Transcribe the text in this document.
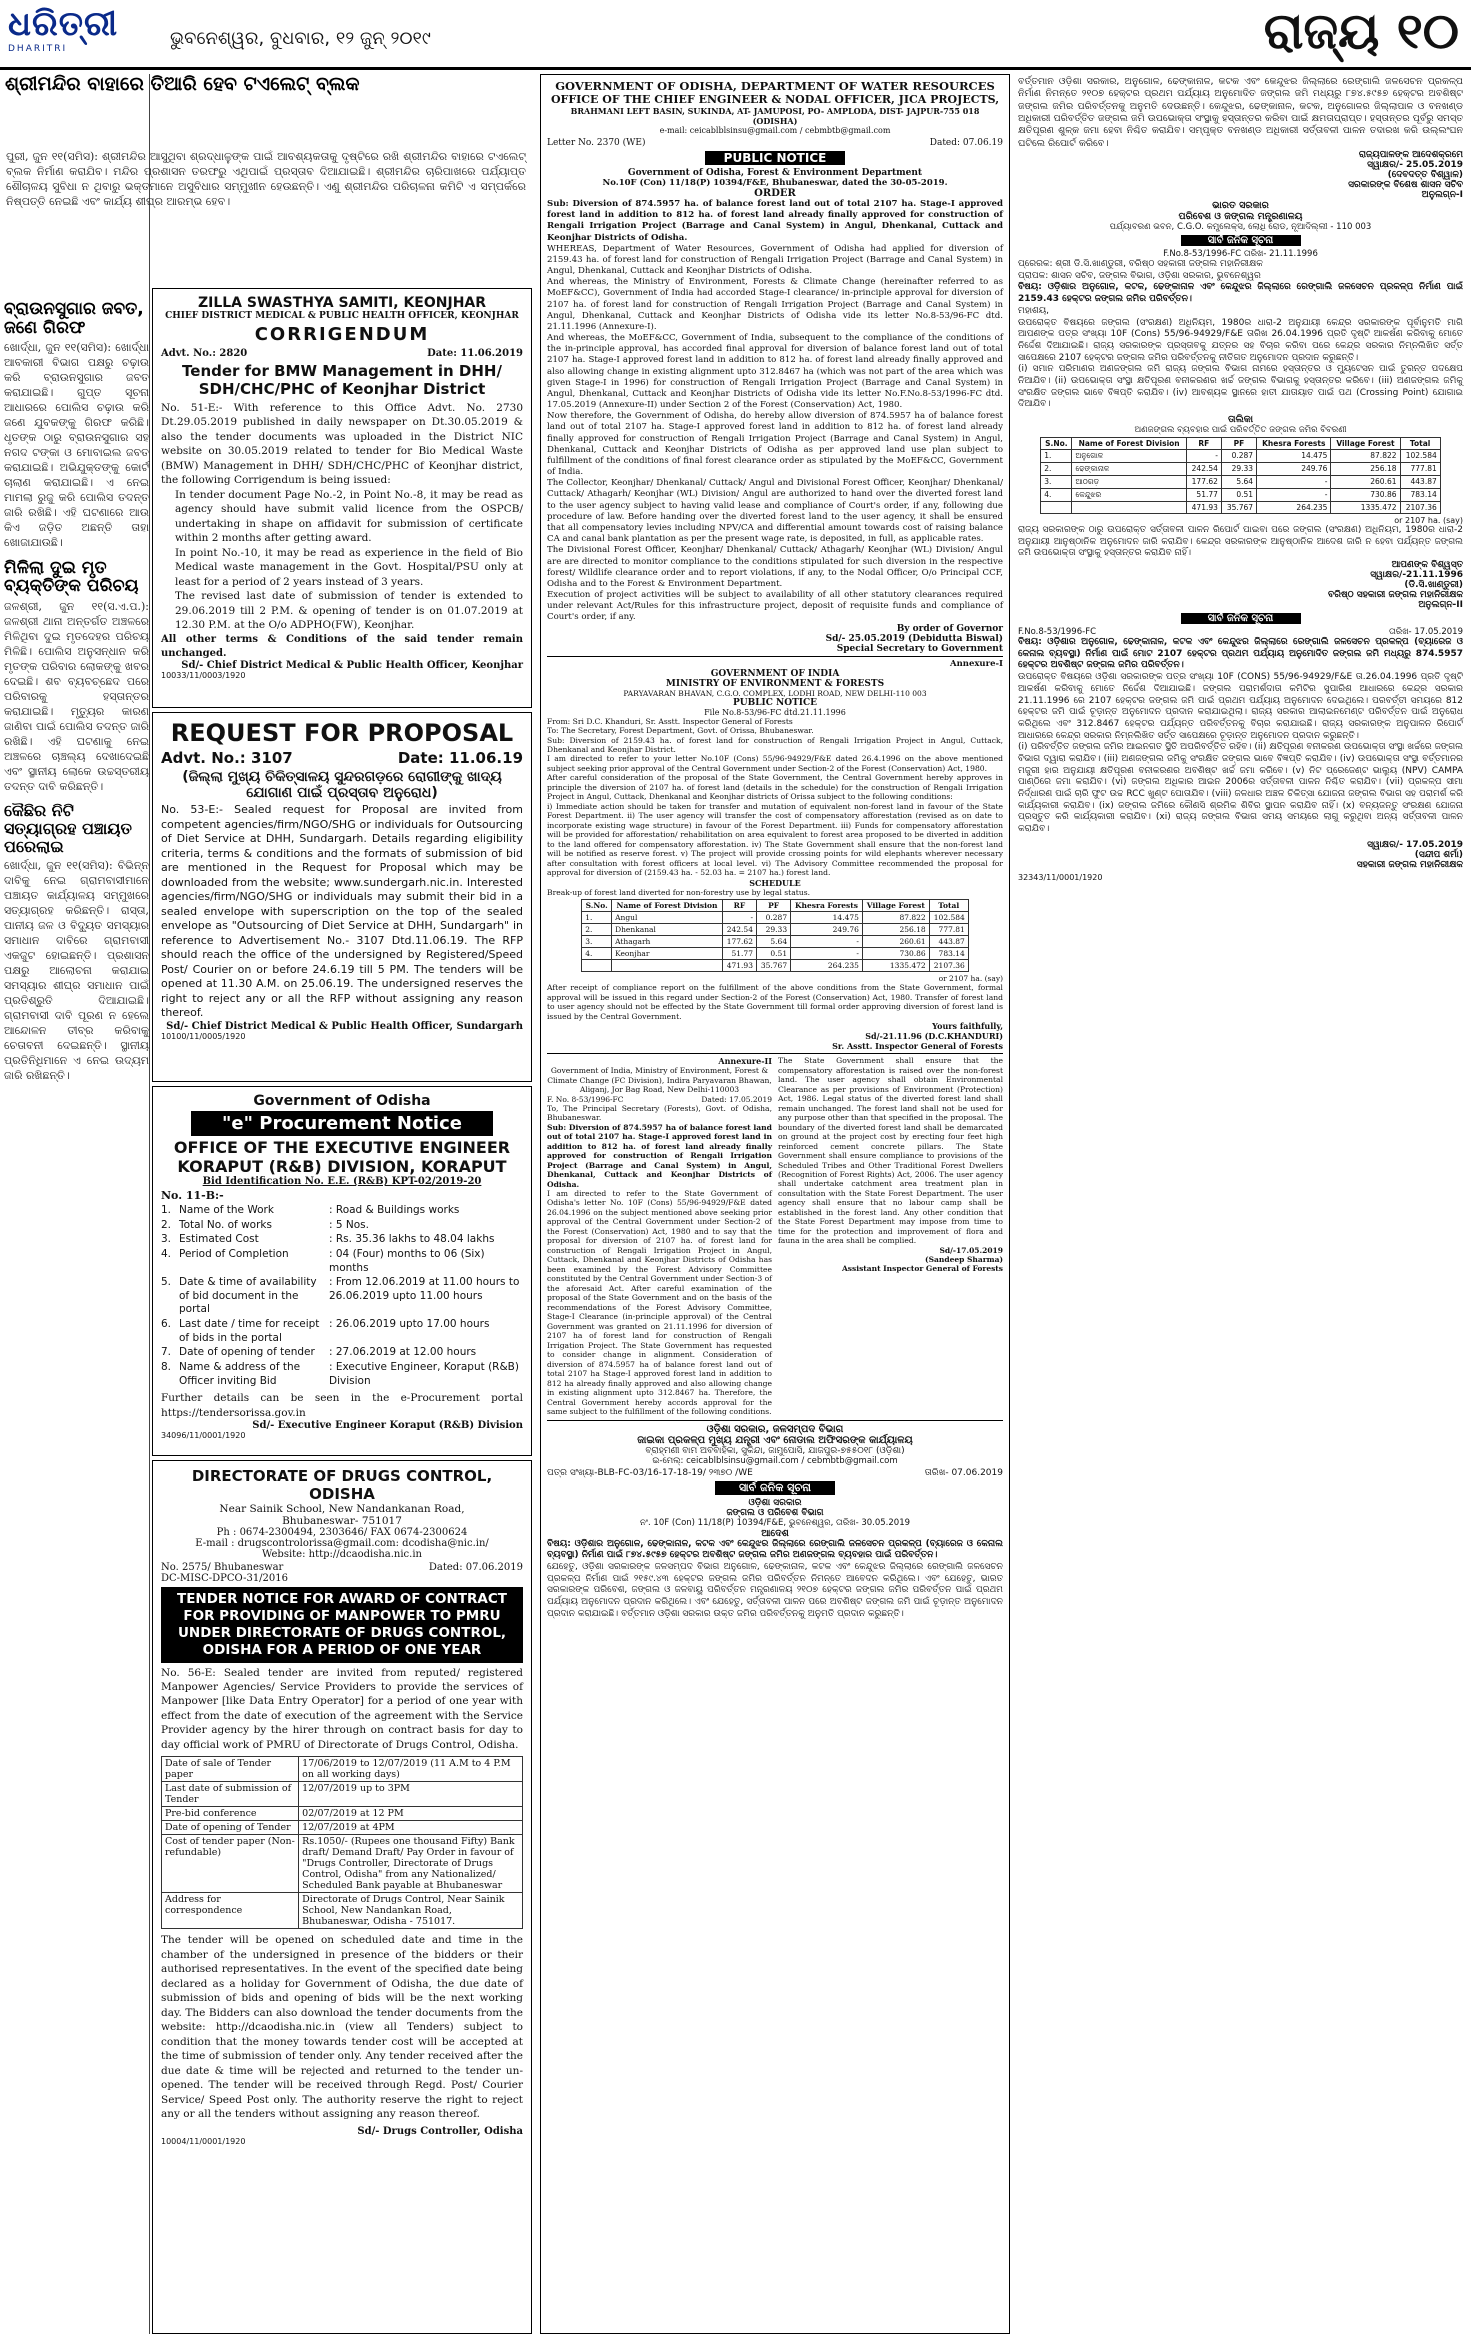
ଧରିତ୍ରୀ
DHARITRI	ଭୁବନେଶ୍ୱର, ବୁଧବାର, ୧୨ ଜୁନ୍ ୨୦୧୯	ରାଜ୍ୟ ୧୦
ଶ୍ରୀମନ୍ଦିର ବାହାରେ ତିଆରି ହେବ ଟଏଲେଟ୍ ବ୍ଲକ
ପୁରୀ, ଜୁନ ୧୧(ସମିସ): ଶ୍ରୀମନ୍ଦିର ଆସୁଥିବା ଶ୍ରଦ୍ଧାଳୁଙ୍କ ପାଇଁ ଆବଶ୍ୟକତାକୁ ଦୃଷ୍ଟିରେ ରଖି ଶ୍ରୀମନ୍ଦିର ବାହାରେ ଟଏଲେଟ୍ ବ୍ଲକ ନିର୍ମାଣ କରାଯିବ। ମନ୍ଦିର ପ୍ରଶାସନ ତରଫରୁ ଏଥିପାଇଁ ପ୍ରସ୍ତାବ ଦିଆଯାଇଛି। ଶ୍ରୀମନ୍ଦିର ଚାରିପାଖରେ ପର୍ଯ୍ୟାପ୍ତ ଶୌଚାଳୟ ସୁବିଧା ନ ଥିବାରୁ ଭକ୍ତମାନେ ଅସୁବିଧାର ସମ୍ମୁଖୀନ ହେଉଛନ୍ତି। ଏଣୁ ଶ୍ରୀମନ୍ଦିର ପରିଚାଳନା କମିଟି ଏ ସମ୍ପର୍କରେ ନିଷ୍ପତ୍ତି ନେଇଛି ଏବଂ କାର୍ଯ୍ୟ ଶୀଘ୍ର ଆରମ୍ଭ ହେବ।
ବ୍ରାଉନସୁଗାର ଜବତ, ଜଣେ ଗିରଫ
ଖୋର୍ଦ୍ଧା, ଜୁନ ୧୧(ସମିସ): ଖୋର୍ଦ୍ଧା ଆବକାରୀ ବିଭାଗ ପକ୍ଷରୁ ଚଢ଼ାଉ କରି ବ୍ରାଉନସୁଗାର ଜବତ କରାଯାଇଛି। ଗୁପ୍ତ ସୂଚନା ଆଧାରରେ ପୋଲିସ ଚଢ଼ାଉ କରି ଜଣେ ଯୁବକଙ୍କୁ ଗିରଫ କରିଛି। ଧୃତଙ୍କ ଠାରୁ ବ୍ରାଉନସୁଗାର ସହ ନଗଦ ଟଙ୍କା ଓ ମୋବାଇଲ ଜବତ କରାଯାଇଛି। ଅଭିଯୁକ୍ତଙ୍କୁ କୋର୍ଟ ଚାଲାଣ କରାଯାଇଛି। ଏ ନେଇ ମାମଲା ରୁଜୁ କରି ପୋଲିସ ତଦନ୍ତ ଜାରି ରଖିଛି। ଏହି ଘଟଣାରେ ଆଉ କିଏ ଜଡ଼ିତ ଅଛନ୍ତି ତାହା ଖୋଜାଯାଉଛି।
ମିଳିଲା ଦୁଇ ମୃତ ବ୍ୟକ୍ତିଙ୍କ ପରିଚୟ
ଜଳଶ୍ରୀ, ଜୁନ ୧୧(ସ.ଏ.ପ.): ଜଳଶ୍ରୀ ଥାନା ଅନ୍ତର୍ଗତ ଅଞ୍ଚଳରେ ମିଳିଥିବା ଦୁଇ ମୃତଦେହର ପରିଚୟ ମିଳିଛି। ପୋଲିସ ଅନୁସନ୍ଧାନ କରି ମୃତଙ୍କ ପରିବାର ଲୋକଙ୍କୁ ଖବର ଦେଇଛି। ଶବ ବ୍ୟବଚ୍ଛେଦ ପରେ ପରିବାରକୁ ହସ୍ତାନ୍ତର କରାଯାଇଛି। ମୃତ୍ୟୁର କାରଣ ଜାଣିବା ପାଇଁ ପୋଲିସ ତଦନ୍ତ ଜାରି ରଖିଛି। ଏହି ଘଟଣାକୁ ନେଇ ଅଞ୍ଚଳରେ ଚାଞ୍ଚଲ୍ୟ ଦେଖାଦେଇଛି ଏବଂ ସ୍ଥାନୀୟ ଲୋକେ ଉଚ୍ଚସ୍ତରୀୟ ତଦନ୍ତ ଦାବି କରିଛନ୍ତି।
କୈଛିର ନିଟି ସତ୍ୟାଗ୍ରହ ପଞ୍ଚାୟତ ପରେଲାଇ
ଖୋର୍ଦ୍ଧା, ଜୁନ ୧୧(ସମିସ): ବିଭିନ୍ନ ଦାବିକୁ ନେଇ ଗ୍ରାମବାସୀମାନେ ପଞ୍ଚାୟତ କାର୍ଯ୍ୟାଳୟ ସମ୍ମୁଖରେ ସତ୍ୟାଗ୍ରହ କରିଛନ୍ତି। ରାସ୍ତା, ପାନୀୟ ଜଳ ଓ ବିଦ୍ୟୁତ ସମସ୍ୟାର ସମାଧାନ ଦାବିରେ ଗ୍ରାମବାସୀ ଏକଜୁଟ ହୋଇଛନ୍ତି। ପ୍ରଶାସନ ପକ୍ଷରୁ ଆଲୋଚନା କରାଯାଇ ସମସ୍ୟାର ଶୀଘ୍ର ସମାଧାନ ପାଇଁ ପ୍ରତିଶ୍ରୁତି ଦିଆଯାଇଛି। ଗ୍ରାମବାସୀ ଦାବି ପୂରଣ ନ ହେଲେ ଆନ୍ଦୋଳନ ତୀବ୍ର କରିବାକୁ ଚେତାବନୀ ଦେଇଛନ୍ତି। ସ୍ଥାନୀୟ ପ୍ରତିନିଧିମାନେ ଏ ନେଇ ଉଦ୍ୟମ ଜାରି ରଖିଛନ୍ତି।
ZILLA SWASTHYA SAMITI, KEONJHAR
CHIEF DISTRICT MEDICAL & PUBLIC HEALTH OFFICER, KEONJHAR
CORRIGENDUM
Advt. No.: 2820	Date: 11.06.2019
Tender for BMW Management in DHH/ SDH/CHC/PHC of Keonjhar District
No. 51-E:- With reference to this Office Advt. No. 2730 Dt.29.05.2019 published in daily newspaper on Dt.30.05.2019 & also the tender documents was uploaded in the District NIC website on 30.05.2019 related to tender for Bio Medical Waste (BMW) Management in DHH/ SDH/CHC/PHC of Keonjhar district, the following Corrigendum is being issued:
In tender document Page No.-2, in Point No.-8, it may be read as agency should have submit valid licence from the OSPCB/ undertaking in shape on affidavit for submission of certificate within 2 months after getting award.
In point No.-10, it may be read as experience in the field of Bio Medical waste management in the Govt. Hospital/PSU only at least for a period of 2 years instead of 3 years.
The revised last date of submission of tender is extended to 29.06.2019 till 2 P.M. & opening of tender is on 01.07.2019 at 12.30 P.M. at the O/o ADPHO(FW), Keonjhar.
All other terms & Conditions of the said tender remain unchanged.
Sd/- Chief District Medical & Public Health Officer, Keonjhar
10033/11/0003/1920
REQUEST FOR PROPOSAL
Advt. No.: 3107	Date: 11.06.19
(ଜିଲ୍ଲା ମୁଖ୍ୟ ଚିକିତ୍ସାଳୟ ସୁନ୍ଦରଗଡ଼ରେ ରୋଗୀଙ୍କୁ ଖାଦ୍ୟ ଯୋଗାଣ ପାଇଁ ପ୍ରସ୍ତାବ ଅନୁରୋଧ)
No. 53-E:- Sealed request for Proposal are invited from competent agencies/firm/NGO/SHG or individuals for Outsourcing of Diet Service at DHH, Sundargarh. Details regarding eligibility criteria, terms & conditions and the formats of submission of bid are mentioned in the Request for Proposal which may be downloaded from the website; www.sundergarh.nic.in. Interested agencies/firm/NGO/SHG or individuals may submit their bid in a sealed envelope with superscription on the top of the sealed envelope as "Outsourcing of Diet Service at DHH, Sundargarh" in reference to Advertisement No.- 3107 Dtd.11.06.19. The RFP should reach the office of the undersigned by Registered/Speed Post/ Courier on or before 24.6.19 till 5 PM. The tenders will be opened at 11.30 A.M. on 25.06.19. The undersigned reserves the right to reject any or all the RFP without assigning any reason thereof.
Sd/- Chief District Medical & Public Health Officer, Sundargarh
10100/11/0005/1920
Government of Odisha
"e" Procurement Notice
OFFICE OF THE EXECUTIVE ENGINEER KORAPUT (R&B) DIVISION, KORAPUT
Bid Identification No. E.E. (R&B) KPT-02/2019-20
No. 11-B:-
1. Name of the Work	: Road & Buildings works
2. Total No. of works	: 5 Nos.
3. Estimated Cost	: Rs. 35.36 lakhs to 48.04 lakhs
4. Period of Completion	: 04 (Four) months to 06 (Six) months
5. Date & time of availability of bid document in the portal
: From 12.06.2019 at 11.00 hours to 26.06.2019 upto 11.00 hours
6. Last date / time for receipt of bids in the portal
: 26.06.2019 upto 17.00 hours
7. Date of opening of tender	: 27.06.2019 at 12.00 hours
8. Name & address of the Officer inviting Bid
: Executive Engineer, Koraput (R&B) Division
Further details can be seen in the e-Procurement portal https://tendersorissa.gov.in
Sd/- Executive Engineer Koraput (R&B) Division
34096/11/0001/1920
DIRECTORATE OF DRUGS CONTROL, ODISHA
Near Sainik School, New Nandankanan Road,
Bhubaneswar- 751017
Ph : 0674-2300494, 2303646/ FAX 0674-2300624
E-mail : drugscontrolorissa@gmail.com: dcodisha@nic.in/
Website: http://dcaodisha.nic.in
No. 2575/ Bhubaneswar	Dated: 07.06.2019
DC-MISC-DPCO-31/2016
TENDER NOTICE FOR AWARD OF CONTRACT FOR PROVIDING OF MANPOWER TO PMRU UNDER DIRECTORATE OF DRUGS CONTROL, ODISHA FOR A PERIOD OF ONE YEAR
No. 56-E: Sealed tender are invited from reputed/ registered Manpower Agencies/ Service Providers to provide the services of Manpower [like Data Entry Operator] for a period of one year with effect from the date of execution of the agreement with the Service Provider agency by the hirer through on contract basis for day to day official work of PMRU of Directorate of Drugs Control, Odisha.
Date of sale of Tender paper	17/06/2019 to 12/07/2019 (11 A.M to 4 P.M on all working days)
Last date of submission of Tender	12/07/2019 up to 3PM
Pre-bid conference	02/07/2019 at 12 PM
Date of opening of Tender	12/07/2019 at 4PM
Cost of tender paper (Non-refundable)	Rs.1050/- (Rupees one thousand Fifty) Bank draft/ Demand Draft/ Pay Order in favour of "Drugs Controller, Directorate of Drugs Control, Odisha" from any Nationalized/ Scheduled Bank payable at Bhubaneswar
Address for correspondence	Directorate of Drugs Control, Near Sainik School, New Nandankan Road, Bhubaneswar, Odisha - 751017.
The tender will be opened on scheduled date and time in the chamber of the undersigned in presence of the bidders or their authorised representatives. In the event of the specified date being declared as a holiday for Government of Odisha, the due date of submission of bids and opening of bids will be the next working day. The Bidders can also download the tender documents from the website: http://dcaodisha.nic.in (view all Tenders) subject to condition that the money towards tender cost will be accepted at the time of submission of tender only. Any tender received after the due date & time will be rejected and returned to the tender un-opened. The tender will be received through Regd. Post/ Courier Service/ Speed Post only. The authority reserve the right to reject any or all the tenders without assigning any reason thereof.
Sd/- Drugs Controller, Odisha
10004/11/0001/1920
GOVERNMENT OF ODISHA, DEPARTMENT OF WATER RESOURCES
OFFICE OF THE CHIEF ENGINEER & NODAL OFFICER, JICA PROJECTS,
BRAHMANI LEFT BASIN, SUKINDA, AT- JAMUPOSI, PO- AMPLODA, DIST- JAJPUR-755 018 (ODISHA)
e-mail: ceicablblsinsu@gmail.com / cebmbtb@gmail.com
Letter No. 2370 (WE)	Dated: 07.06.19
PUBLIC NOTICE
Government of Odisha, Forest & Environment Department
No.10F (Con) 11/18(P) 10394/F&E, Bhubaneswar, dated the 30-05-2019.
ORDER
Sub: Diversion of 874.5957 ha. of balance forest land out of total 2107 ha. Stage-I approved forest land in addition to 812 ha. of forest land already finally approved for construction of Rengali Irrigation Project (Barrage and Canal System) in Angul, Dhenkanal, Cuttack and Keonjhar Districts of Odisha.
WHEREAS, Department of Water Resources, Government of Odisha had applied for diversion of 2159.43 ha. of forest land for construction of Rengali Irrigation Project (Barrage and Canal System) in Angul, Dhenkanal, Cuttack and Keonjhar Districts of Odisha.
And whereas, the Ministry of Environment, Forests & Climate Change (hereinafter referred to as MoEF&CC), Government of India had accorded Stage-I clearance/ in-principle approval for diversion of 2107 ha. of forest land for construction of Rengali Irrigation Project (Barrage and Canal System) in Angul, Dhenkanal, Cuttack and Keonjhar Districts of Odisha vide its letter No.8-53/96-FC dtd. 21.11.1996 (Annexure-I).
And whereas, the MoEF&CC, Government of India, subsequent to the compliance of the conditions of the in-principle approval, has accorded final approval for diversion of balance forest land out of total 2107 ha. Stage-I approved forest land in addition to 812 ha. of forest land already finally approved and also allowing change in existing alignment upto 312.8467 ha (which was not part of the area which was given Stage-I in 1996) for construction of Rengali Irrigation Project (Barrage and Canal System) in Angul, Dhenkanal, Cuttack and Keonjhar Districts of Odisha vide its letter No.F.No.8-53/1996-FC dtd. 17.05.2019 (Annexure-II) under Section 2 of the Forest (Conservation) Act, 1980.
Now therefore, the Government of Odisha, do hereby allow diversion of 874.5957 ha of balance forest land out of total 2107 ha. Stage-I approved forest land in addition to 812 ha. of forest land already finally approved for construction of Rengali Irrigation Project (Barrage and Canal System) in Angul, Dhenkanal, Cuttack and Keonjhar Districts of Odisha as per approved land use plan subject to fulfillment of the conditions of final forest clearance order as stipulated by the MoEF&CC, Government of India.
The Collector, Keonjhar/ Dhenkanal/ Cuttack/ Angul and Divisional Forest Officer, Keonjhar/ Dhenkanal/ Cuttack/ Athagarh/ Keonjhar (WL) Division/ Angul are authorized to hand over the diverted forest land to the user agency subject to having valid lease and compliance of Court's order, if any, following due procedure of law. Before handing over the diverted forest land to the user agency, it shall be ensured that all compensatory levies including NPV/CA and differential amount towards cost of raising balance CA and canal bank plantation as per the present wage rate, is deposited, in full, as applicable rates.
The Divisional Forest Officer, Keonjhar/ Dhenkanal/ Cuttack/ Athagarh/ Keonjhar (WL) Division/ Angul are are directed to monitor compliance to the conditions stipulated for such diversion in the respective forest/ Wildlife clearance order and to report violations, if any, to the Nodal Officer, O/o Principal CCF, Odisha and to the Forest & Environment Department.
Execution of project activities will be subject to availability of all other statutory clearances required under relevant Act/Rules for this infrastructure project, deposit of requisite funds and compliance of Court's order, if any.
By order of Governor
Sd/- 25.05.2019 (Debidutta Biswal)
Special Secretary to Government
Annexure-I
GOVERNMENT OF INDIA
MINISTRY OF ENVIRONMENT & FORESTS
PARYAVARAN BHAVAN, C.G.O. COMPLEX, LODHI ROAD, NEW DELHI-110 003
PUBLIC NOTICE
File No.8-53/96-FC dtd.21.11.1996
From: Sri D.C. Khanduri, Sr. Asstt. Inspector General of Forests
To: The Secretary, Forest Department, Govt. of Orissa, Bhubaneswar.
Sub: Diversion of 2159.43 ha. of forest land for construction of Rengali Irrigation Project in Angul, Cuttack, Dhenkanal and Keonjhar District.
I am directed to refer to your letter No.10F (Cons) 55/96-94929/F&E dated 26.4.1996 on the above mentioned subject seeking prior approval of the Central Government under Section-2 of the Forest (Conservation) Act, 1980.
After careful consideration of the proposal of the State Government, the Central Government hereby approves in principle the diversion of 2107 ha. of forest land (details in the schedule) for the construction of Rengali Irrigation Project in Angul, Cuttack, Dhenkanal and Keonjhar districts of Orissa subject to the following conditions:
i) Immediate action should be taken for transfer and mutation of equivalent non-forest land in favour of the State Forest Department. ii) The user agency will transfer the cost of compensatory afforestation (revised as on date to incorporate existing wage structure) in favour of the Forest Department. iii) Funds for compensatory afforestation will be provided for afforestation/ rehabilitation on area equivalent to forest area proposed to be diverted in addition to the land offered for compensatory afforestation. iv) The State Government shall ensure that the non-forest land will be notified as reserve forest. v) The project will provide crossing points for wild elephants wherever necessary after consultation with forest officers at local level. vi) The Advisory Committee recommended the proposal for approval for diversion of (2159.43 ha. - 52.03 ha. = 2107 ha.) forest land.
SCHEDULE
Break-up of forest land diverted for non-forestry use by legal status.
S.No.	Name of Forest Division	RF	PF	Khesra Forests	Village Forest	Total
1.	Angul	-	0.287	14.475	87.822	102.584
2.	Dhenkanal	242.54	29.33	249.76	256.18	777.81
3.	Athagarh	177.62	5.64	-	260.61	443.87
4.	Keonjhar	51.77	0.51	-	730.86	783.14
		471.93	35.767	264.235	1335.472	2107.36
or 2107 ha. (say)
After receipt of compliance report on the fulfillment of the above conditions from the State Government, formal approval will be issued in this regard under Section-2 of the Forest (Conservation) Act, 1980. Transfer of forest land to user agency should not be effected by the State Government till formal order approving diversion of forest land is issued by the Central Government.
Yours faithfully,
Sd/-21.11.96 (D.C.KHANDURI)
Sr. Asstt. Inspector General of Forests
Annexure-II
Government of India, Ministry of Environment, Forest & Climate Change (FC Division), Indira Paryavaran Bhawan, Aliganj, Jor Bag Road, New Delhi-110003
F. No. 8-53/1996-FC	Dated: 17.05.2019
To, The Principal Secretary (Forests), Govt. of Odisha, Bhubaneswar.
Sub: Diversion of 874.5957 ha of balance forest land out of total 2107 ha. Stage-I approved forest land in addition to 812 ha. of forest land already finally approved for construction of Rengali Irrigation Project (Barrage and Canal System) in Angul, Dhenkanal, Cuttack and Keonjhar Districts of Odisha.
I am directed to refer to the State Government of Odisha's letter No. 10F (Cons) 55/96-94929/F&E dated 26.04.1996 on the subject mentioned above seeking prior approval of the Central Government under Section-2 of the Forest (Conservation) Act, 1980 and to say that the proposal for diversion of 2107 ha. of forest land for construction of Rengali Irrigation Project in Angul, Cuttack, Dhenkanal and Keonjhar Districts of Odisha has been examined by the Forest Advisory Committee constituted by the Central Government under Section-3 of the aforesaid Act. After careful examination of the proposal of the State Government and on the basis of the recommendations of the Forest Advisory Committee, Stage-I Clearance (in-principle approval) of the Central Government was granted on 21.11.1996 for diversion of 2107 ha of forest land for construction of Rengali Irrigation Project. The State Government has requested to consider change in alignment. Consideration of diversion of 874.5957 ha of balance forest land out of total 2107 ha Stage-I approved forest land in addition to 812 ha already finally approved and also allowing change in existing alignment upto 312.8467 ha. Therefore, the Central Government hereby accords approval for the same subject to the fulfillment of the following conditions.
The State Government shall ensure that the compensatory afforestation is raised over the non-forest land. The user agency shall obtain Environmental Clearance as per provisions of Environment (Protection) Act, 1986. Legal status of the diverted forest land shall remain unchanged. The forest land shall not be used for any purpose other than that specified in the proposal. The boundary of the diverted forest land shall be demarcated on ground at the project cost by erecting four feet high reinforced cement concrete pillars. The State Government shall ensure compliance to provisions of the Scheduled Tribes and Other Traditional Forest Dwellers (Recognition of Forest Rights) Act, 2006. The user agency shall undertake catchment area treatment plan in consultation with the State Forest Department. The user agency shall ensure that no labour camp shall be established in the forest land. Any other condition that the State Forest Department may impose from time to time for the protection and improvement of flora and fauna in the area shall be complied.
Sd/-17.05.2019
(Sandeep Sharma)
Assistant Inspector General of Forests
ଓଡ଼ିଶା ସରକାର, ଜଳସମ୍ପଦ ବିଭାଗ
ଜାଇକା ପ୍ରକଳ୍ପ ମୁଖ୍ୟ ଯନ୍ତ୍ରୀ ଏବଂ ନୋଡାଲ ଅଫିସରଙ୍କ କାର୍ଯ୍ୟାଳୟ
ବ୍ରାହ୍ମଣୀ ବାମ ଅବବାହିକା, ସୁକିନ୍ଦା, ଜାମୁପୋସି, ଯାଜପୁର-୭୫୫୦୧୮ (ଓଡ଼ିଶା)
ଇ-ମେଲ୍: ceicablblsinsu@gmail.com / cebmbtb@gmail.com
ପତ୍ର ସଂଖ୍ୟା-BLB-FC-03/16-17-18-19/ ୨୩୭୦ /WE	ତାରିଖ- 07.06.2019
ସାର୍ବ ଜନିକ ସୂଚନା
ଓଡ଼ିଶା ସରକାର
ଜଙ୍ଗଲ ଓ ପରିବେଶ ବିଭାଗ
ନଂ. 10F (Con) 11/18(P) 10394/F&E, ଭୁବନେଶ୍ୱର, ତାରିଖ- 30.05.2019
ଆଦେଶ
ବିଷୟ: ଓଡ଼ିଶାର ଅନୁଗୋଳ, ଢେଙ୍କାନାଳ, କଟକ ଏବଂ କେନ୍ଦୁଝର ଜିଲ୍ଲାରେ ରେଙ୍ଗାଲି ଜଳସେଚନ ପ୍ରକଳ୍ପ (ବ୍ୟାରେଜ ଓ କେନାଲ ବ୍ୟବସ୍ଥା) ନିର୍ମାଣ ପାଇଁ ୮୭୪.୫୯୫୭ ହେକ୍ଟର ଅବଶିଷ୍ଟ ଜଙ୍ଗଲ ଜମିର ଅଣଜଙ୍ଗଲ ବ୍ୟବହାର ପାଇଁ ପରିବର୍ତ୍ତନ।
ଯେହେତୁ, ଓଡ଼ିଶା ସରକାରଙ୍କ ଜଳସମ୍ପଦ ବିଭାଗ ଅନୁଗୋଳ, ଢେଙ୍କାନାଳ, କଟକ ଏବଂ କେନ୍ଦୁଝର ଜିଲ୍ଲାରେ ରେଙ୍ଗାଲି ଜଳସେଚନ ପ୍ରକଳ୍ପ ନିର୍ମାଣ ପାଇଁ ୨୧୫୯.୪୩ ହେକ୍ଟର ଜଙ୍ଗଲ ଜମିର ପରିବର୍ତ୍ତନ ନିମନ୍ତେ ଆବେଦନ କରିଥିଲେ। ଏବଂ ଯେହେତୁ, ଭାରତ ସରକାରଙ୍କ ପରିବେଶ, ଜଙ୍ଗଲ ଓ ଜଳବାୟୁ ପରିବର୍ତ୍ତନ ମନ୍ତ୍ରଣାଳୟ ୨୧୦୭ ହେକ୍ଟର ଜଙ୍ଗଲ ଜମିର ପରିବର୍ତ୍ତନ ପାଇଁ ପ୍ରଥମ ପର୍ଯ୍ୟାୟ ଅନୁମୋଦନ ପ୍ରଦାନ କରିଥିଲେ। ଏବଂ ଯେହେତୁ, ସର୍ତ୍ତାବଳୀ ପାଳନ ପରେ ଅବଶିଷ୍ଟ ଜଙ୍ଗଲ ଜମି ପାଇଁ ଚୂଡ଼ାନ୍ତ ଅନୁମୋଦନ ପ୍ରଦାନ କରାଯାଇଛି। ବର୍ତ୍ତମାନ ଓଡ଼ିଶା ସରକାର ଉକ୍ତ ଜମିର ପରିବର୍ତ୍ତନକୁ ଅନୁମତି ପ୍ରଦାନ କରୁଛନ୍ତି।
ବର୍ତ୍ତମାନ ଓଡ଼ିଶା ସରକାର, ଅନୁଗୋଳ, ଢେଙ୍କାନାଳ, କଟକ ଏବଂ କେନ୍ଦୁଝର ଜିଲ୍ଲାରେ ରେଙ୍ଗାଲି ଜଳସେଚନ ପ୍ରକଳ୍ପ ନିର୍ମାଣ ନିମନ୍ତେ ୨୧୦୭ ହେକ୍ଟର ପ୍ରଥମ ପର୍ଯ୍ୟାୟ ଅନୁମୋଦିତ ଜଙ୍ଗଲ ଜମି ମଧ୍ୟରୁ ୮୭୪.୫୯୫୭ ହେକ୍ଟର ଅବଶିଷ୍ଟ ଜଙ୍ଗଲ ଜମିର ପରିବର୍ତ୍ତନକୁ ଅନୁମତି ଦେଉଛନ୍ତି। କେନ୍ଦୁଝର, ଢେଙ୍କାନାଳ, କଟକ, ଅନୁଗୋଳର ଜିଲ୍ଲାପାଳ ଓ ବନଖଣ୍ଡ ଅଧିକାରୀ ପରିବର୍ତ୍ତିତ ଜଙ୍ଗଲ ଜମି ଉପଭୋକ୍ତା ସଂସ୍ଥାକୁ ହସ୍ତାନ୍ତର କରିବା ପାଇଁ କ୍ଷମତାପ୍ରାପ୍ତ। ହସ୍ତାନ୍ତର ପୂର୍ବରୁ ସମସ୍ତ କ୍ଷତିପୂରଣ ଶୁଳ୍କ ଜମା ହେବା ନିଶ୍ଚିତ କରାଯିବ। ସମ୍ପୃକ୍ତ ବନଖଣ୍ଡ ଅଧିକାରୀ ସର୍ତ୍ତାବଳୀ ପାଳନ ତଦାରଖ କରି ଉଲ୍ଲଂଘନ ଘଟିଲେ ରିପୋର୍ଟ କରିବେ।
ରାଜ୍ୟପାଳଙ୍କ ଆଦେଶକ୍ରମେ
ସ୍ୱାକ୍ଷର/- 25.05.2019
(ଦେବଦତ୍ତ ବିଶ୍ୱାଳ)
ସରକାରଙ୍କ ବିଶେଷ ଶାସନ ସଚିବ
ଅନୁଲଗ୍ନ-I
ଭାରତ ସରକାର
ପରିବେଶ ଓ ଜଙ୍ଗଲ ମନ୍ତ୍ରଣାଳୟ
ପର୍ଯ୍ୟାବରଣ ଭବନ, C.G.O. କମ୍ପ୍ଲେକ୍ସ, ଲୋଧି ରୋଡ, ନୂଆଦିଲ୍ଲୀ - 110 003
ସାର୍ବ ଜନିକ ସୂଚନା
F.No.8-53/1996-FC ତାରିଖ- 21.11.1996
ପ୍ରେରକ: ଶ୍ରୀ ଡି.ସି.ଖାଣ୍ଡୁରୀ, ବରିଷ୍ଠ ସହକାରୀ ଜଙ୍ଗଲ ମହାନିରୀକ୍ଷକ
ପ୍ରାପକ: ଶାସନ ସଚିବ, ଜଙ୍ଗଲ ବିଭାଗ, ଓଡ଼ିଶା ସରକାର, ଭୁବନେଶ୍ୱର
ବିଷୟ: ଓଡ଼ିଶାର ଅନୁଗୋଳ, କଟକ, ଢେଙ୍କାନାଳ ଏବଂ କେନ୍ଦୁଝର ଜିଲ୍ଲାରେ ରେଙ୍ଗାଲି ଜଳସେଚନ ପ୍ରକଳ୍ପ ନିର୍ମାଣ ପାଇଁ 2159.43 ହେକ୍ଟର ଜଙ୍ଗଲ ଜମିର ପରିବର୍ତ୍ତନ।
ମହାଶୟ,
ଉପରୋକ୍ତ ବିଷୟରେ ଜଙ୍ଗଲ (ସଂରକ୍ଷଣ) ଅଧିନିୟମ, 1980ର ଧାରା-2 ଅନୁଯାୟୀ କେନ୍ଦ୍ର ସରକାରଙ୍କ ପୂର୍ବାନୁମତି ମାଗି ଆପଣଙ୍କ ପତ୍ର ସଂଖ୍ୟା 10F (Cons) 55/96-94929/F&E ତାରିଖ 26.04.1996 ପ୍ରତି ଦୃଷ୍ଟି ଆକର୍ଷଣ କରିବାକୁ ମୋତେ ନିର୍ଦ୍ଦେଶ ଦିଆଯାଇଛି। ରାଜ୍ୟ ସରକାରଙ୍କ ପ୍ରସ୍ତାବକୁ ଯତ୍ନର ସହ ବିଚାର କରିବା ପରେ କେନ୍ଦ୍ର ସରକାର ନିମ୍ନଲିଖିତ ସର୍ତ୍ତ ସାପେକ୍ଷରେ 2107 ହେକ୍ଟର ଜଙ୍ଗଲ ଜମିର ପରିବର୍ତ୍ତନକୁ ନୀତିଗତ ଅନୁମୋଦନ ପ୍ରଦାନ କରୁଛନ୍ତି।
(i) ସମାନ ପରିମାଣର ଅଣଜଙ୍ଗଲ ଜମି ରାଜ୍ୟ ଜଙ୍ଗଲ ବିଭାଗ ନାମରେ ହସ୍ତାନ୍ତର ଓ ମ୍ୟୁଟେସନ ପାଇଁ ତୁରନ୍ତ ପଦକ୍ଷେପ ନିଆଯିବ। (ii) ଉପଭୋକ୍ତା ସଂସ୍ଥା କ୍ଷତିପୂରଣ ବନୀକରଣର ଖର୍ଚ୍ଚ ଜଙ୍ଗଲ ବିଭାଗକୁ ହସ୍ତାନ୍ତର କରିବେ। (iii) ଅଣଜଙ୍ଗଲ ଜମିକୁ ସଂରକ୍ଷିତ ଜଙ୍ଗଲ ଭାବେ ବିଜ୍ଞପ୍ତି କରାଯିବ। (iv) ଆବଶ୍ୟକ ସ୍ଥାନରେ ହାତୀ ଯାତାୟାତ ପାଇଁ ପଥ (Crossing Point) ଯୋଗାଇ ଦିଆଯିବ।
ତାଲିକା
ଅଣଜଙ୍ଗଲ ବ୍ୟବହାର ପାଇଁ ପରିବର୍ତ୍ତିତ ଜଙ୍ଗଲ ଜମିର ବିବରଣୀ
S.No.	Name of Forest Division	RF	PF	Khesra Forests	Village Forest	Total
1.	ଅନୁଗୋଳ	-	0.287	14.475	87.822	102.584
2.	ଢେଙ୍କାନାଳ	242.54	29.33	249.76	256.18	777.81
3.	ଆଠଗଡ଼	177.62	5.64	-	260.61	443.87
4.	କେନ୍ଦୁଝର	51.77	0.51	-	730.86	783.14
		471.93	35.767	264.235	1335.472	2107.36
or 2107 ha. (say)
ରାଜ୍ୟ ସରକାରଙ୍କ ଠାରୁ ଉପରୋକ୍ତ ସର୍ତ୍ତାବଳୀ ପାଳନ ରିପୋର୍ଟ ପାଇବା ପରେ ଜଙ୍ଗଲ (ସଂରକ୍ଷଣ) ଅଧିନିୟମ, 1980ର ଧାରା-2 ଅନୁଯାୟୀ ଆନୁଷ୍ଠାନିକ ଅନୁମୋଦନ ଜାରି କରାଯିବ। କେନ୍ଦ୍ର ସରକାରଙ୍କ ଆନୁଷ୍ଠାନିକ ଆଦେଶ ଜାରି ନ ହେବା ପର୍ଯ୍ୟନ୍ତ ଜଙ୍ଗଲ ଜମି ଉପଭୋକ୍ତା ସଂସ୍ଥାକୁ ହସ୍ତାନ୍ତର କରାଯିବ ନାହିଁ।
ଆପଣଙ୍କ ବିଶ୍ୱସ୍ତ
ସ୍ୱାକ୍ଷର/-21.11.1996
(ଡି.ସି.ଖାଣ୍ଡୁରୀ)
ବରିଷ୍ଠ ସହକାରୀ ଜଙ୍ଗଲ ମହାନିରୀକ୍ଷକ
ଅନୁଲଗ୍ନ-II
ସାର୍ବ ଜନିକ ସୂଚନା
F.No.8-53/1996-FC	ତାରିଖ- 17.05.2019
ବିଷୟ: ଓଡ଼ିଶାର ଅନୁଗୋଳ, ଢେଙ୍କାନାଳ, କଟକ ଏବଂ କେନ୍ଦୁଝର ଜିଲ୍ଲାରେ ରେଙ୍ଗାଲି ଜଳସେଚନ ପ୍ରକଳ୍ପ (ବ୍ୟାରେଜ ଓ କେନାଲ ବ୍ୟବସ୍ଥା) ନିର୍ମାଣ ପାଇଁ ମୋଟ 2107 ହେକ୍ଟର ପ୍ରଥମ ପର୍ଯ୍ୟାୟ ଅନୁମୋଦିତ ଜଙ୍ଗଲ ଜମି ମଧ୍ୟରୁ 874.5957 ହେକ୍ଟର ଅବଶିଷ୍ଟ ଜଙ୍ଗଲ ଜମିର ପରିବର୍ତ୍ତନ।
ଉପରୋକ୍ତ ବିଷୟରେ ଓଡ଼ିଶା ସରକାରଙ୍କ ପତ୍ର ସଂଖ୍ୟା 10F (CONS) 55/96-94929/F&E ତା.26.04.1996 ପ୍ରତି ଦୃଷ୍ଟି ଆକର୍ଷଣ କରିବାକୁ ମୋତେ ନିର୍ଦ୍ଦେଶ ଦିଆଯାଇଛି। ଜଙ୍ଗଲ ପରାମର୍ଶଦାତା କମିଟିର ସୁପାରିଶ ଆଧାରରେ କେନ୍ଦ୍ର ସରକାର 21.11.1996 ରେ 2107 ହେକ୍ଟର ଜଙ୍ଗଲ ଜମି ପାଇଁ ପ୍ରଥମ ପର୍ଯ୍ୟାୟ ଅନୁମୋଦନ ଦେଇଥିଲେ। ପରବର୍ତ୍ତୀ ସମୟରେ 812 ହେକ୍ଟର ଜମି ପାଇଁ ଚୂଡ଼ାନ୍ତ ଅନୁମୋଦନ ପ୍ରଦାନ କରାଯାଇଥିଲା। ରାଜ୍ୟ ସରକାର ଆଲାଇନମେଣ୍ଟ ପରିବର୍ତ୍ତନ ପାଇଁ ଅନୁରୋଧ କରିଥିଲେ ଏବଂ 312.8467 ହେକ୍ଟର ପର୍ଯ୍ୟନ୍ତ ପରିବର୍ତ୍ତନକୁ ବିଚାର କରାଯାଇଛି। ରାଜ୍ୟ ସରକାରଙ୍କ ଅନୁପାଳନ ରିପୋର୍ଟ ଆଧାରରେ କେନ୍ଦ୍ର ସରକାର ନିମ୍ନଲିଖିତ ସର୍ତ୍ତ ସାପେକ୍ଷରେ ଚୂଡ଼ାନ୍ତ ଅନୁମୋଦନ ପ୍ରଦାନ କରୁଛନ୍ତି।
(i) ପରିବର୍ତ୍ତିତ ଜଙ୍ଗଲ ଜମିର ଆଇନଗତ ସ୍ଥିତି ଅପରିବର୍ତ୍ତିତ ରହିବ। (ii) କ୍ଷତିପୂରଣ ବନୀକରଣ ଉପଭୋକ୍ତା ସଂସ୍ଥା ଖର୍ଚ୍ଚରେ ଜଙ୍ଗଲ ବିଭାଗ ଦ୍ୱାରା କରାଯିବ। (iii) ଅଣଜଙ୍ଗଲ ଜମିକୁ ସଂରକ୍ଷିତ ଜଙ୍ଗଲ ଭାବେ ବିଜ୍ଞପ୍ତି କରାଯିବ। (iv) ଉପଭୋକ୍ତା ସଂସ୍ଥା ବର୍ତ୍ତମାନର ମଜୁରୀ ହାର ଅନୁଯାୟୀ କ୍ଷତିପୂରଣ ବନୀକରଣର ଅବଶିଷ୍ଟ ଖର୍ଚ୍ଚ ଜମା କରିବେ। (v) ନିଟ ପ୍ରେଜେଣ୍ଟ ଭାଲ୍ୟୁ (NPV) CAMPA ପାଣ୍ଠିରେ ଜମା କରାଯିବ। (vi) ଜଙ୍ଗଲ ଅଧିକାର ଆଇନ 2006ର ସର୍ତ୍ତାବଳୀ ପାଳନ ନିଶ୍ଚିତ କରାଯିବ। (vii) ପ୍ରକଳ୍ପ ସୀମା ନିର୍ଦ୍ଧାରଣ ପାଇଁ ଚାରି ଫୁଟ ଉଚ୍ଚ RCC ଖୁଣ୍ଟ ପୋତାଯିବ। (viii) ଜଳଧାର ଅଞ୍ଚଳ ଚିକିତ୍ସା ଯୋଜନା ଜଙ୍ଗଲ ବିଭାଗ ସହ ପରାମର୍ଶ କରି କାର୍ଯ୍ୟକାରୀ କରାଯିବ। (ix) ଜଙ୍ଗଲ ଜମିରେ କୌଣସି ଶ୍ରମିକ ଶିବିର ସ୍ଥାପନ କରାଯିବ ନାହିଁ। (x) ବନ୍ୟଜନ୍ତୁ ସଂରକ୍ଷଣ ଯୋଜନା ପ୍ରସ୍ତୁତ କରି କାର୍ଯ୍ୟକାରୀ କରାଯିବ। (xi) ରାଜ୍ୟ ଜଙ୍ଗଲ ବିଭାଗ ସମୟ ସମୟରେ ଲାଗୁ କରୁଥିବା ଅନ୍ୟ ସର୍ତ୍ତାବଳୀ ପାଳନ କରାଯିବ।
ସ୍ୱାକ୍ଷର/- 17.05.2019
(ସନ୍ଦୀପ ଶର୍ମା)
ସହକାରୀ ଜଙ୍ଗଲ ମହାନିରୀକ୍ଷକ
32343/11/0001/1920
